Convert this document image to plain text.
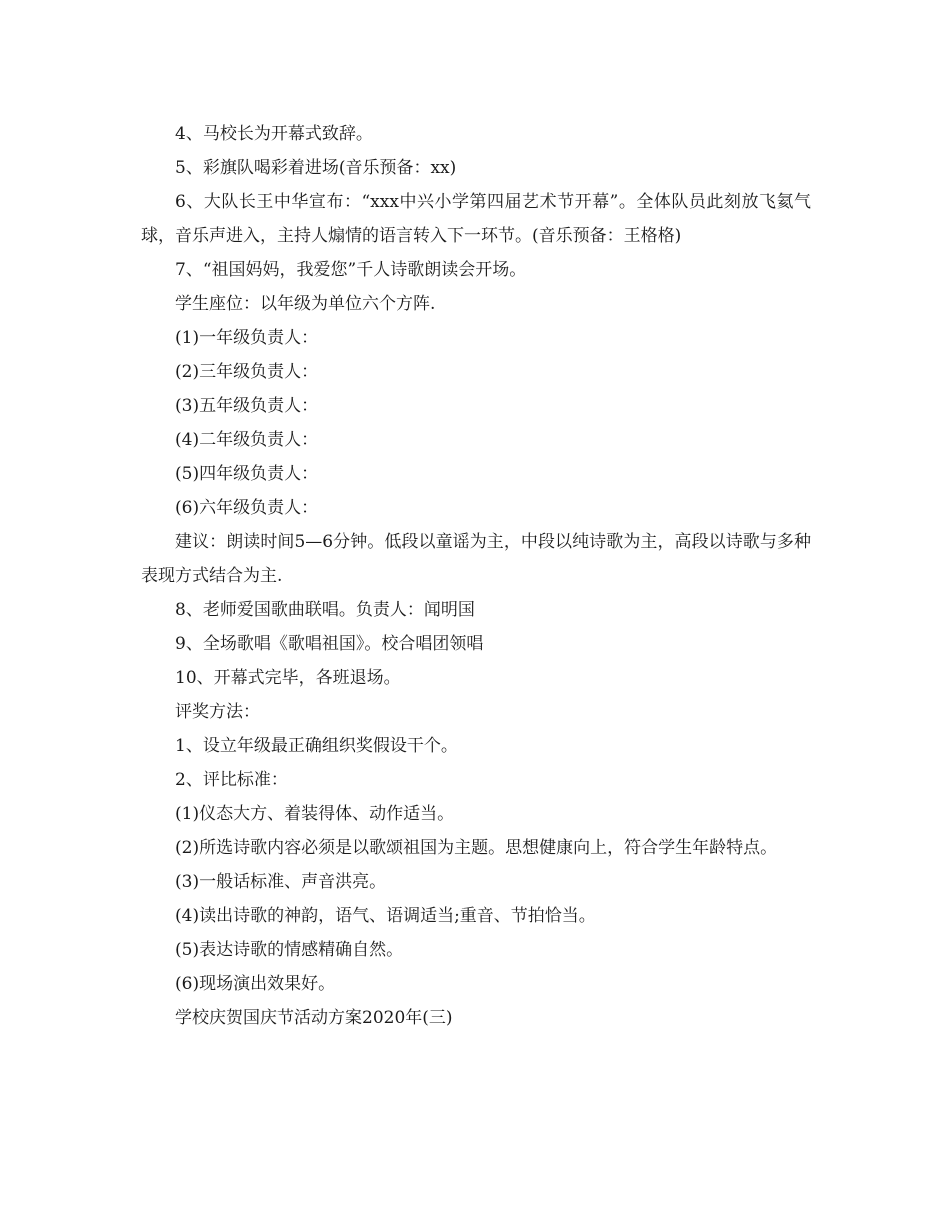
4、马校长为开幕式致辞。

5、彩旗队喝彩着进场(音乐预备：xx)

6、大队长王中华宣布：“xxx中兴小学第四届艺术节开幕”。全体队员此刻放飞氦气球，音乐声进入，主持人煽情的语言转入下一环节。(音乐预备：王格格)

7、“祖国妈妈，我爱您”千人诗歌朗读会开场。

学生座位：以年级为单位六个方阵.

(1)一年级负责人：

(2)三年级负责人：

(3)五年级负责人：

(4)二年级负责人：

(5)四年级负责人：

(6)六年级负责人：

建议：朗读时间5—6分钟。低段以童谣为主，中段以纯诗歌为主，高段以诗歌与多种表现方式结合为主.

8、老师爱国歌曲联唱。负责人：闻明国

9、全场歌唱《歌唱祖国》。校合唱团领唱

10、开幕式完毕，各班退场。

评奖方法：

1、设立年级最正确组织奖假设干个。

2、评比标准：

(1)仪态大方、着装得体、动作适当。

(2)所选诗歌内容必须是以歌颂祖国为主题。思想健康向上，符合学生年龄特点。

(3)一般话标准、声音洪亮。

(4)读出诗歌的神韵，语气、语调适当;重音、节拍恰当。

(5)表达诗歌的情感精确自然。

(6)现场演出效果好。

学校庆贺国庆节活动方案2020年(三)
